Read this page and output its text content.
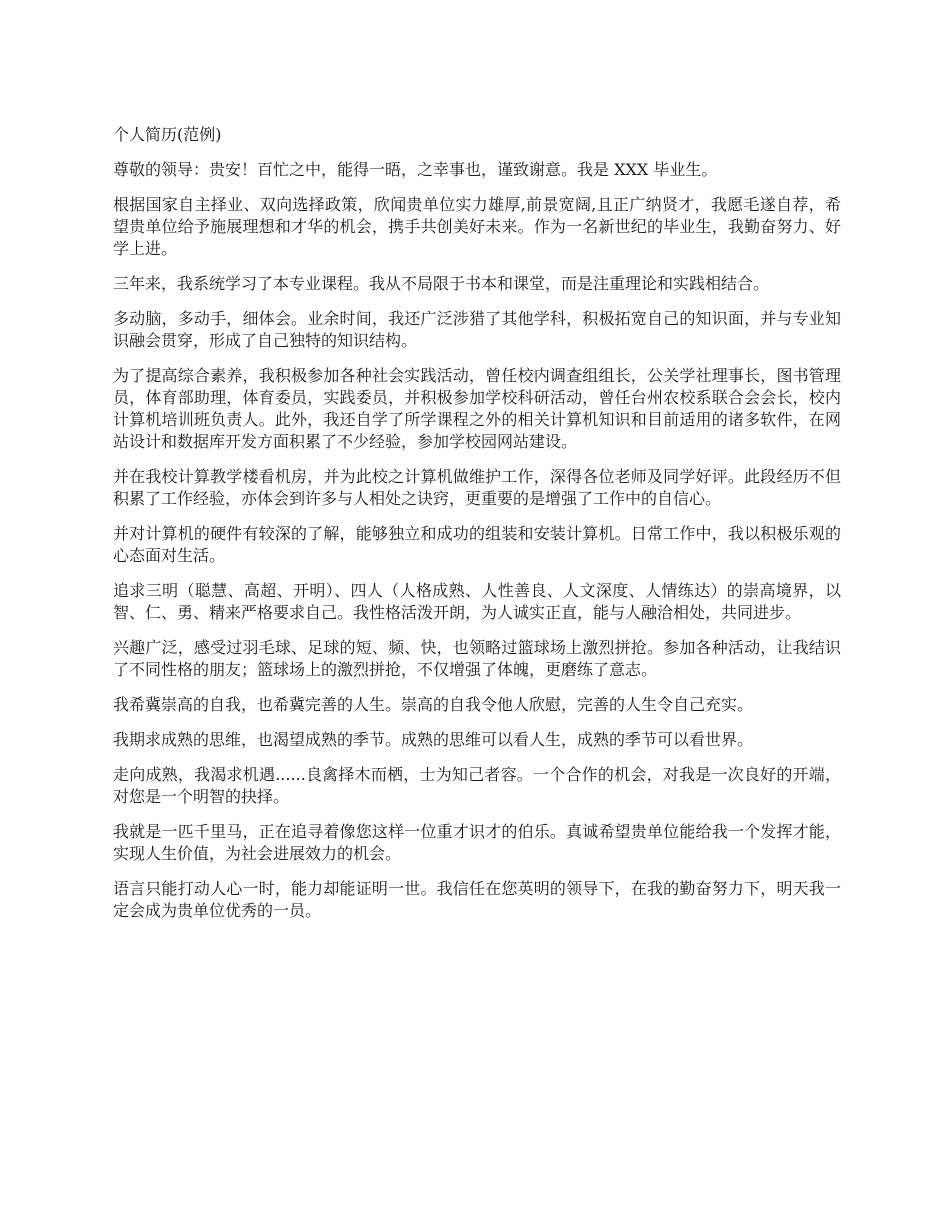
个人简历(范例)

尊敬的领导：贵安！百忙之中，能得一晤，之幸事也，谨致谢意。我是 XXX 毕业生。

根据国家自主择业、双向选择政策，欣闻贵单位实力雄厚,前景宽阔,且正广纳贤才，我愿毛遂自荐，希望贵单位给予施展理想和才华的机会，携手共创美好未来。作为一名新世纪的毕业生，我勤奋努力、好学上进。

三年来，我系统学习了本专业课程。我从不局限于书本和课堂，而是注重理论和实践相结合。

多动脑，多动手，细体会。业余时间，我还广泛涉猎了其他学科，积极拓宽自己的知识面，并与专业知识融会贯穿，形成了自己独特的知识结构。

为了提高综合素养，我积极参加各种社会实践活动，曾任校内调查组组长，公关学社理事长，图书管理员，体育部助理，体育委员，实践委员，并积极参加学校科研活动，曾任台州农校系联合会会长，校内计算机培训班负责人。此外，我还自学了所学课程之外的相关计算机知识和目前适用的诸多软件，在网站设计和数据库开发方面积累了不少经验，参加学校园网站建设。

并在我校计算教学楼看机房，并为此校之计算机做维护工作，深得各位老师及同学好评。此段经历不但积累了工作经验，亦体会到许多与人相处之诀窍，更重要的是增强了工作中的自信心。

并对计算机的硬件有较深的了解，能够独立和成功的组装和安装计算机。日常工作中，我以积极乐观的心态面对生活。

追求三明（聪慧、高超、开明）、四人（人格成熟、人性善良、人文深度、人情练达）的崇高境界，以智、仁、勇、精来严格要求自己。我性格活泼开朗，为人诚实正直，能与人融洽相处，共同进步。

兴趣广泛，感受过羽毛球、足球的短、频、快，也领略过篮球场上激烈拼抢。参加各种活动，让我结识了不同性格的朋友；篮球场上的激烈拼抢，不仅增强了体魄，更磨练了意志。

我希冀崇高的自我，也希冀完善的人生。崇高的自我令他人欣慰，完善的人生令自己充实。

我期求成熟的思维，也渴望成熟的季节。成熟的思维可以看人生，成熟的季节可以看世界。

走向成熟，我渴求机遇......良禽择木而栖，士为知己者容。一个合作的机会，对我是一次良好的开端，对您是一个明智的抉择。

我就是一匹千里马，正在追寻着像您这样一位重才识才的伯乐。真诚希望贵单位能给我一个发挥才能，实现人生价值，为社会进展效力的机会。

语言只能打动人心一时，能力却能证明一世。我信任在您英明的领导下，在我的勤奋努力下，明天我一定会成为贵单位优秀的一员。
